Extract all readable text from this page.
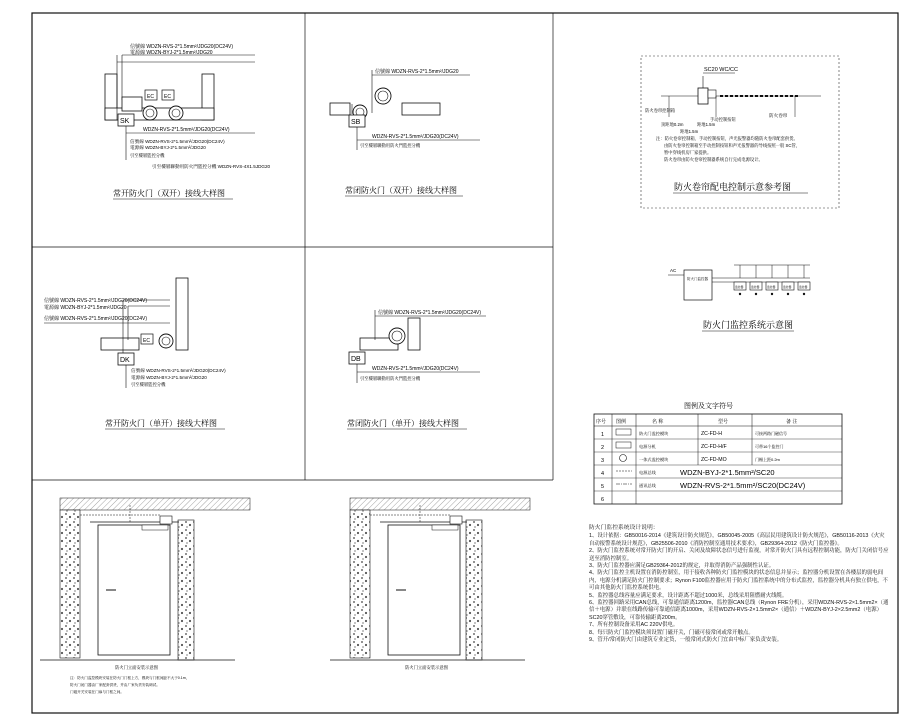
信號線 WDZN-RVS-2*1.5mm²/JDG20(DC24V)
電源線 WDZN-BYJ-2*1.5mm²/JDG20
EC EC
SK
WDZN-RVS-2*1.5mm²/JDG20(DC24V)
信號線 WDZN-RVS-2*1.5mm²/JDG20(DC24V)
電源線 WDZN-BYJ-2*1.5mm²/JDG20
引至樓層監控分機
引至樓層聯動用防火門監控分機 WDZN-RVS-4X1.5JDG20
常开防火门（双开）接线大样图
信號線 WDZN-RVS-2*1.5mm²/JDG20
SB
WDZN-RVS-2*1.5mm²/JDG20(DC24V)
引至樓層聯動用防火門監控分機
常闭防火门（双开）接线大样图
信號線 WDZN-RVS-2*1.5mm²/JDG20(DC24V)
電源線 WDZN-BYJ-2*1.5mm²/JDG20
信號線 WDZN-RVS-2*1.5mm²/JDG20(DC24V)
EC
DK
信號線 WDZN-RVS-2*1.5mm²/JDG20(DC24V)
電源線 WDZN-BYJ-2*1.5mm²/JDG20
引至樓層監控分機
常开防火门（单开）接线大样图
信號線 WDZN-RVS-2*1.5mm²/JDG20(DC24V)
DB
WDZN-RVS-2*1.5mm²/JDG20(DC24V)
引至樓層聯動用防火門監控分機
常闭防火门（单开）接线大样图
SC20 WC/CC
防火卷帘控制箱
手动控制按钮
防火卷帘
顶距地0.2m	距地1.5m
距地1.5m
注：防火卷帘控制箱、手动控制按钮，声光报警器均随防火卷帘配套供货。
由防火卷帘控制箱至手动控制按钮和声光报警器的导线按照一般 SC管，
暂中穿线机房厂家提供。
防火卷帘由防火卷帘控制器系统自行完成电源设计。
防火卷帘配电控制示意参考图
AC
防火门监控器
监控器	监控器	监控器	监控器	监控器
防火门监控系统示意图
图例及文字符号
序号 图例	名 称	型号	备 注
1	防火门监控模块	ZC-FD-H	可接两路门磁信号
2	电源分机	ZC-FD-H/F	可带16个监控门
3	一体式监控模块	ZC-FD-MO	门楣上距0.2m
4	电源总线	WDZN-BYJ-2*1.5mm²/SC20
5	通讯总线	WDZN-RVS-2*1.5mm²/SC20(DC24V)
6
防火门立面安装示意图
注：防火门监控模块安装在防火门门框上方，模块与门框间距不大于0.1m，
防火门闭门器由厂家配套供货，并由厂家负责安装调试。
门磁开关安装在门扇与门框之间。
防火门立面安装示意图

防火门监控系统设计说明：

1、设计依据：GB50016-2014《建筑设计防火规范》，GB50045-2005《高层民用建筑设计防火规范》，GB50116-2013《火灾自动报警系统设计规范》，GB25506-2010《消防控制室通用技术要求》，GB29364-2012《防火门监控器》。

2、防火门监控系统对常开防火门的开启、关闭及故障状态信号进行监视，对常开防火门具有远程控制功能，防火门关闭信号应送至消防控制室。

3、防火门监控器应满足GB29364-2012的规定，并取得消防产品强制性认证。

4、防火门监控主机设置在消防控制室，用于接收各种防火门监控模块的状态信息并显示；监控器分机设置在各楼层的弱电间内，电源分机满足防火门控制要求；Rynon F100监控器应用于防火门监控系统中的分布式监控，监控器分机具有独立供电，不可由其他防火门监控系统供电。

5、监控器总线容量应满足要求，设计距离不超过1000米，总线采用阻燃耐火线缆。

6、监控器回路采用CAN总线，可靠通信距离1200m，监控器CAN总线（Rynon FRE分机），采用WDZN-RVS-2×1.5mm2×（通信＋电源）并联在线路传输可靠通信距离1000m，采用WDZN-RVS-2×1.5mm2×（通信）＋WDZN-BYJ-2×2.5mm2（电源）SC20穿管敷设，可靠传输距离200m。

7、所有控制设备采用AC 220V供电。

8、每只防火门监控模块须设置门磁开关，门磁可接常闭或常开触点。

9、管开/常闭防火门由建筑专业定货，一般常闭式防火门宜由中标厂家负责安装。
